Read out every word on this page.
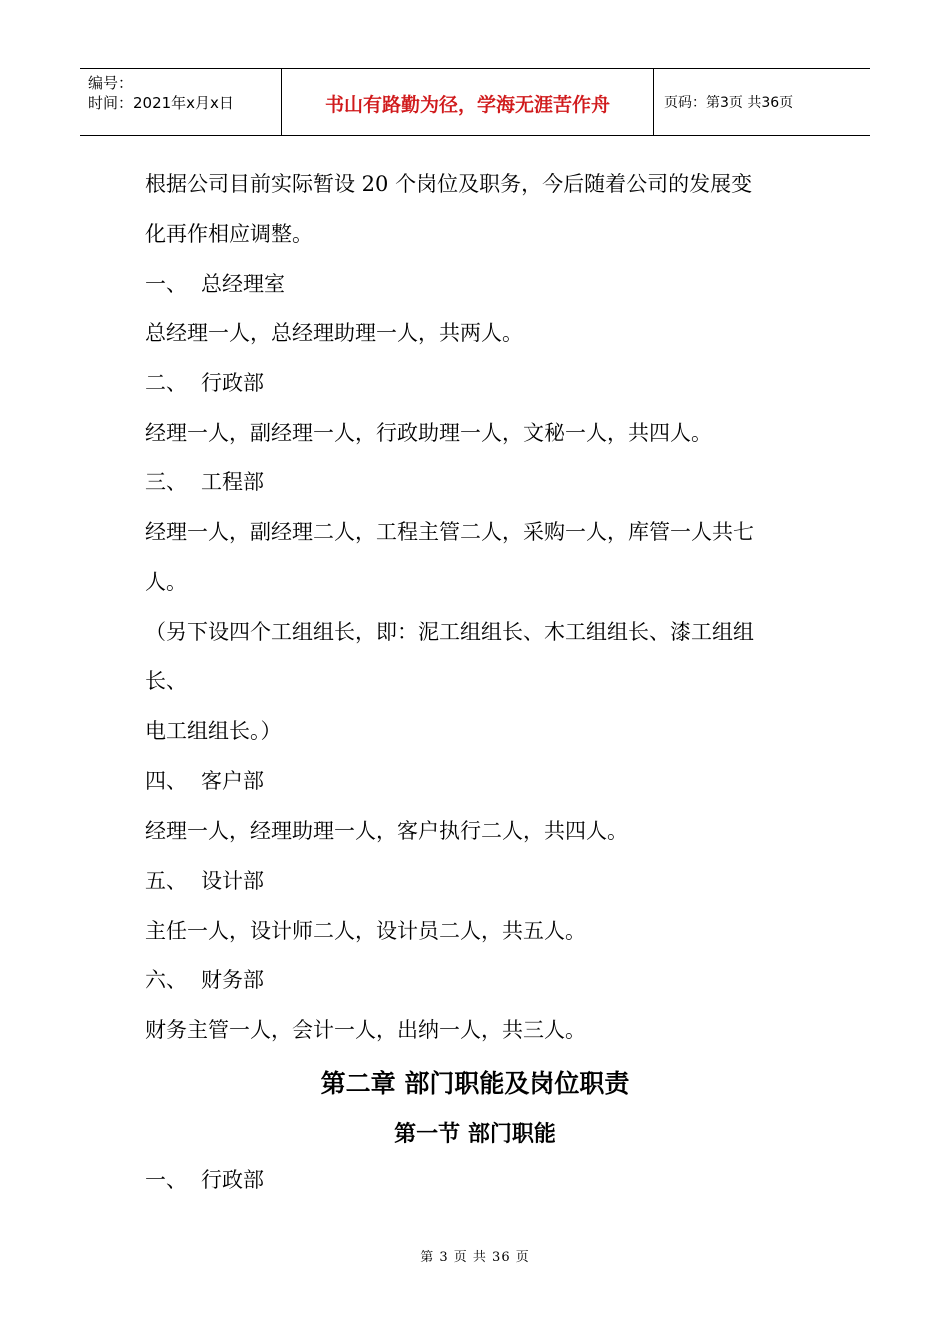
编号：
时间：2021年x月x日	书山有路勤为径，学海无涯苦作舟	页码：第3页 共36页
根据公司目前实际暂设 20 个岗位及职务，今后随着公司的发展变
化再作相应调整。
一、 总经理室
总经理一人，总经理助理一人，共两人。
二、 行政部
经理一人，副经理一人，行政助理一人，文秘一人，共四人。
三、 工程部
经理一人，副经理二人，工程主管二人，采购一人，库管一人共七
人。
（另下设四个工组组长，即：泥工组组长、木工组组长、漆工组组
长、
电工组组长。）
四、 客户部
经理一人，经理助理一人，客户执行二人，共四人。
五、 设计部
主任一人，设计师二人，设计员二人，共五人。
六、 财务部
财务主管一人，会计一人，出纳一人，共三人。
一、 行政部
第二章 部门职能及岗位职责
第一节 部门职能
第 3 页 共 36 页
